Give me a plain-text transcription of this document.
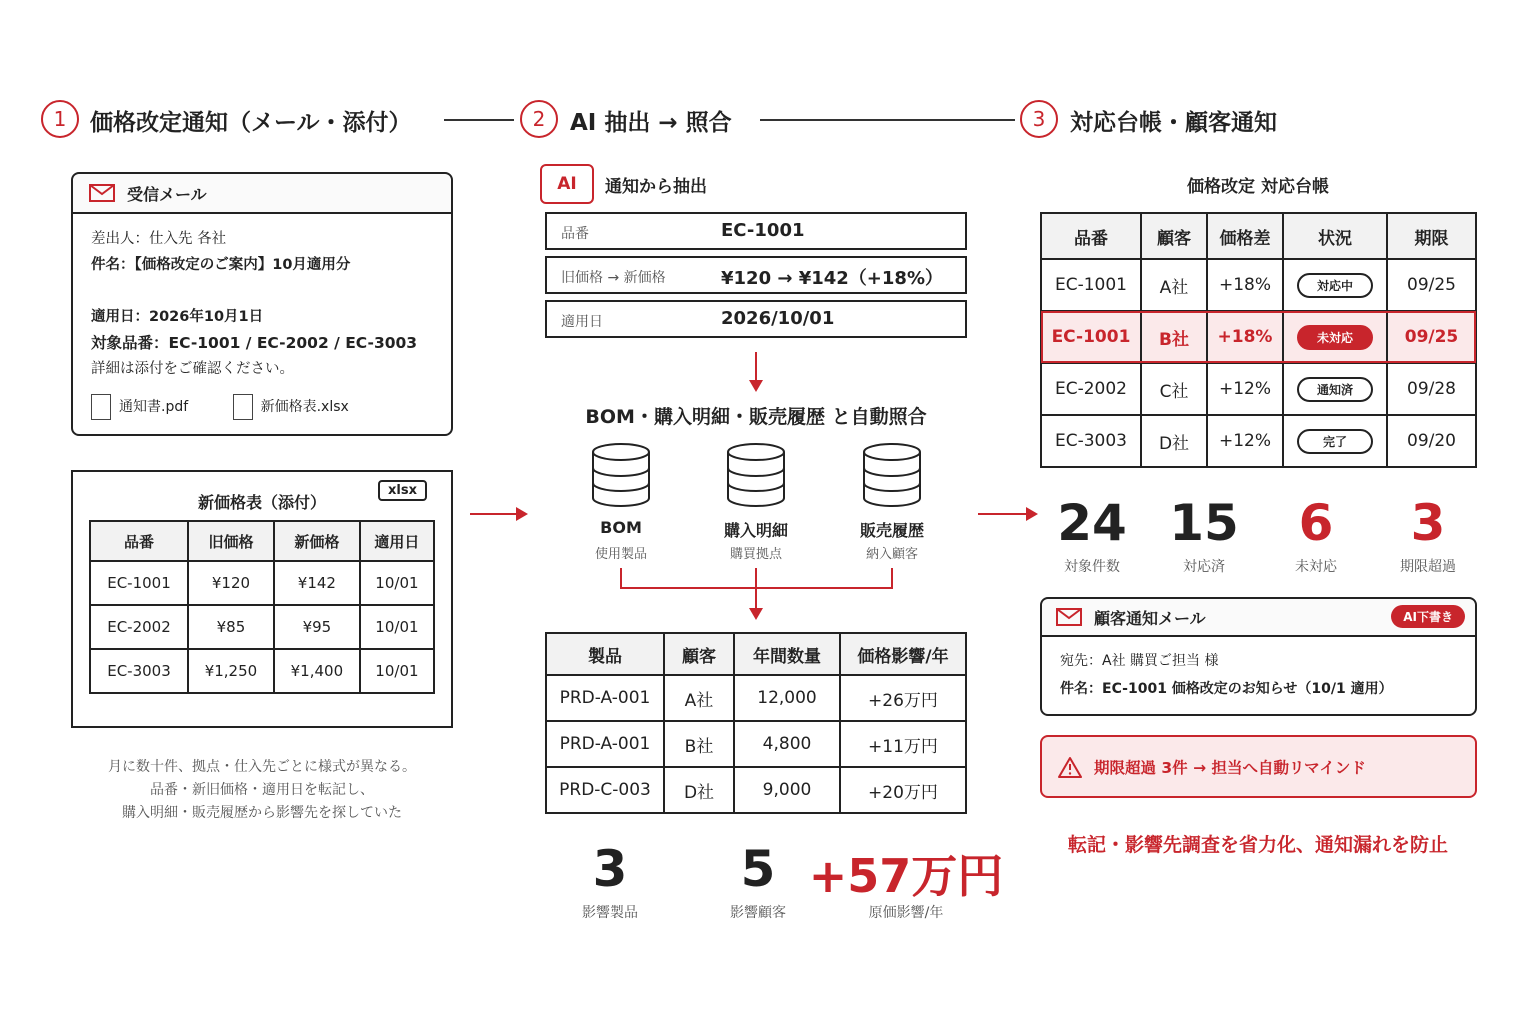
1	価格改定通知（メール・添付）	2	AI 抽出 → 照合	3	対応台帳・顧客通知
受信メール
差出人：仕入先 各社
件名：【価格改定のご案内】10月適用分
適用日：2026年10月1日
対象品番：EC-1001 / EC-2002 / EC-3003
詳細は添付をご確認ください。
通知書.pdf	新価格表.xlsx
新価格表（添付）
xlsx
品番	旧価格	新価格	適用日
EC-1001	¥120	¥142	10/01
EC-2002	¥85	¥95	10/01
EC-3003	¥1,250	¥1,400	10/01
月に数十件、拠点・仕入先ごとに様式が異なる。
品番・新旧価格・適用日を転記し、
購入明細・販売履歴から影響先を探していた
AI	通知から抽出
品番	EC-1001
旧価格 → 新価格	¥120 → ¥142（+18%）
適用日	2026/10/01
BOM・購入明細・販売履歴 と自動照合
BOM
使用製品
購入明細
購買拠点
販売履歴
納入顧客
製品	顧客	年間数量	価格影響/年
PRD-A-001	A社	12,000	+26万円
PRD-A-001	B社	4,800	+11万円
PRD-C-003	D社	9,000	+20万円
3
影響製品
5
影響顧客
+57万円
原価影響/年
価格改定 対応台帳
品番	顧客	価格差	状況	期限
EC-1001	A社	+18%	対応中	09/25
EC-1001	B社	+18%	未対応	09/25
EC-2002	C社	+12%	通知済	09/28
EC-3003	D社	+12%	完了	09/20
24
対象件数
15
対応済
6
未対応
3
期限超過
顧客通知メール	AI下書き
宛先：A社 購買ご担当 様
件名：EC-1001 価格改定のお知らせ（10/1 適用）
期限超過 3件 → 担当へ自動リマインド
転記・影響先調査を省力化、通知漏れを防止
